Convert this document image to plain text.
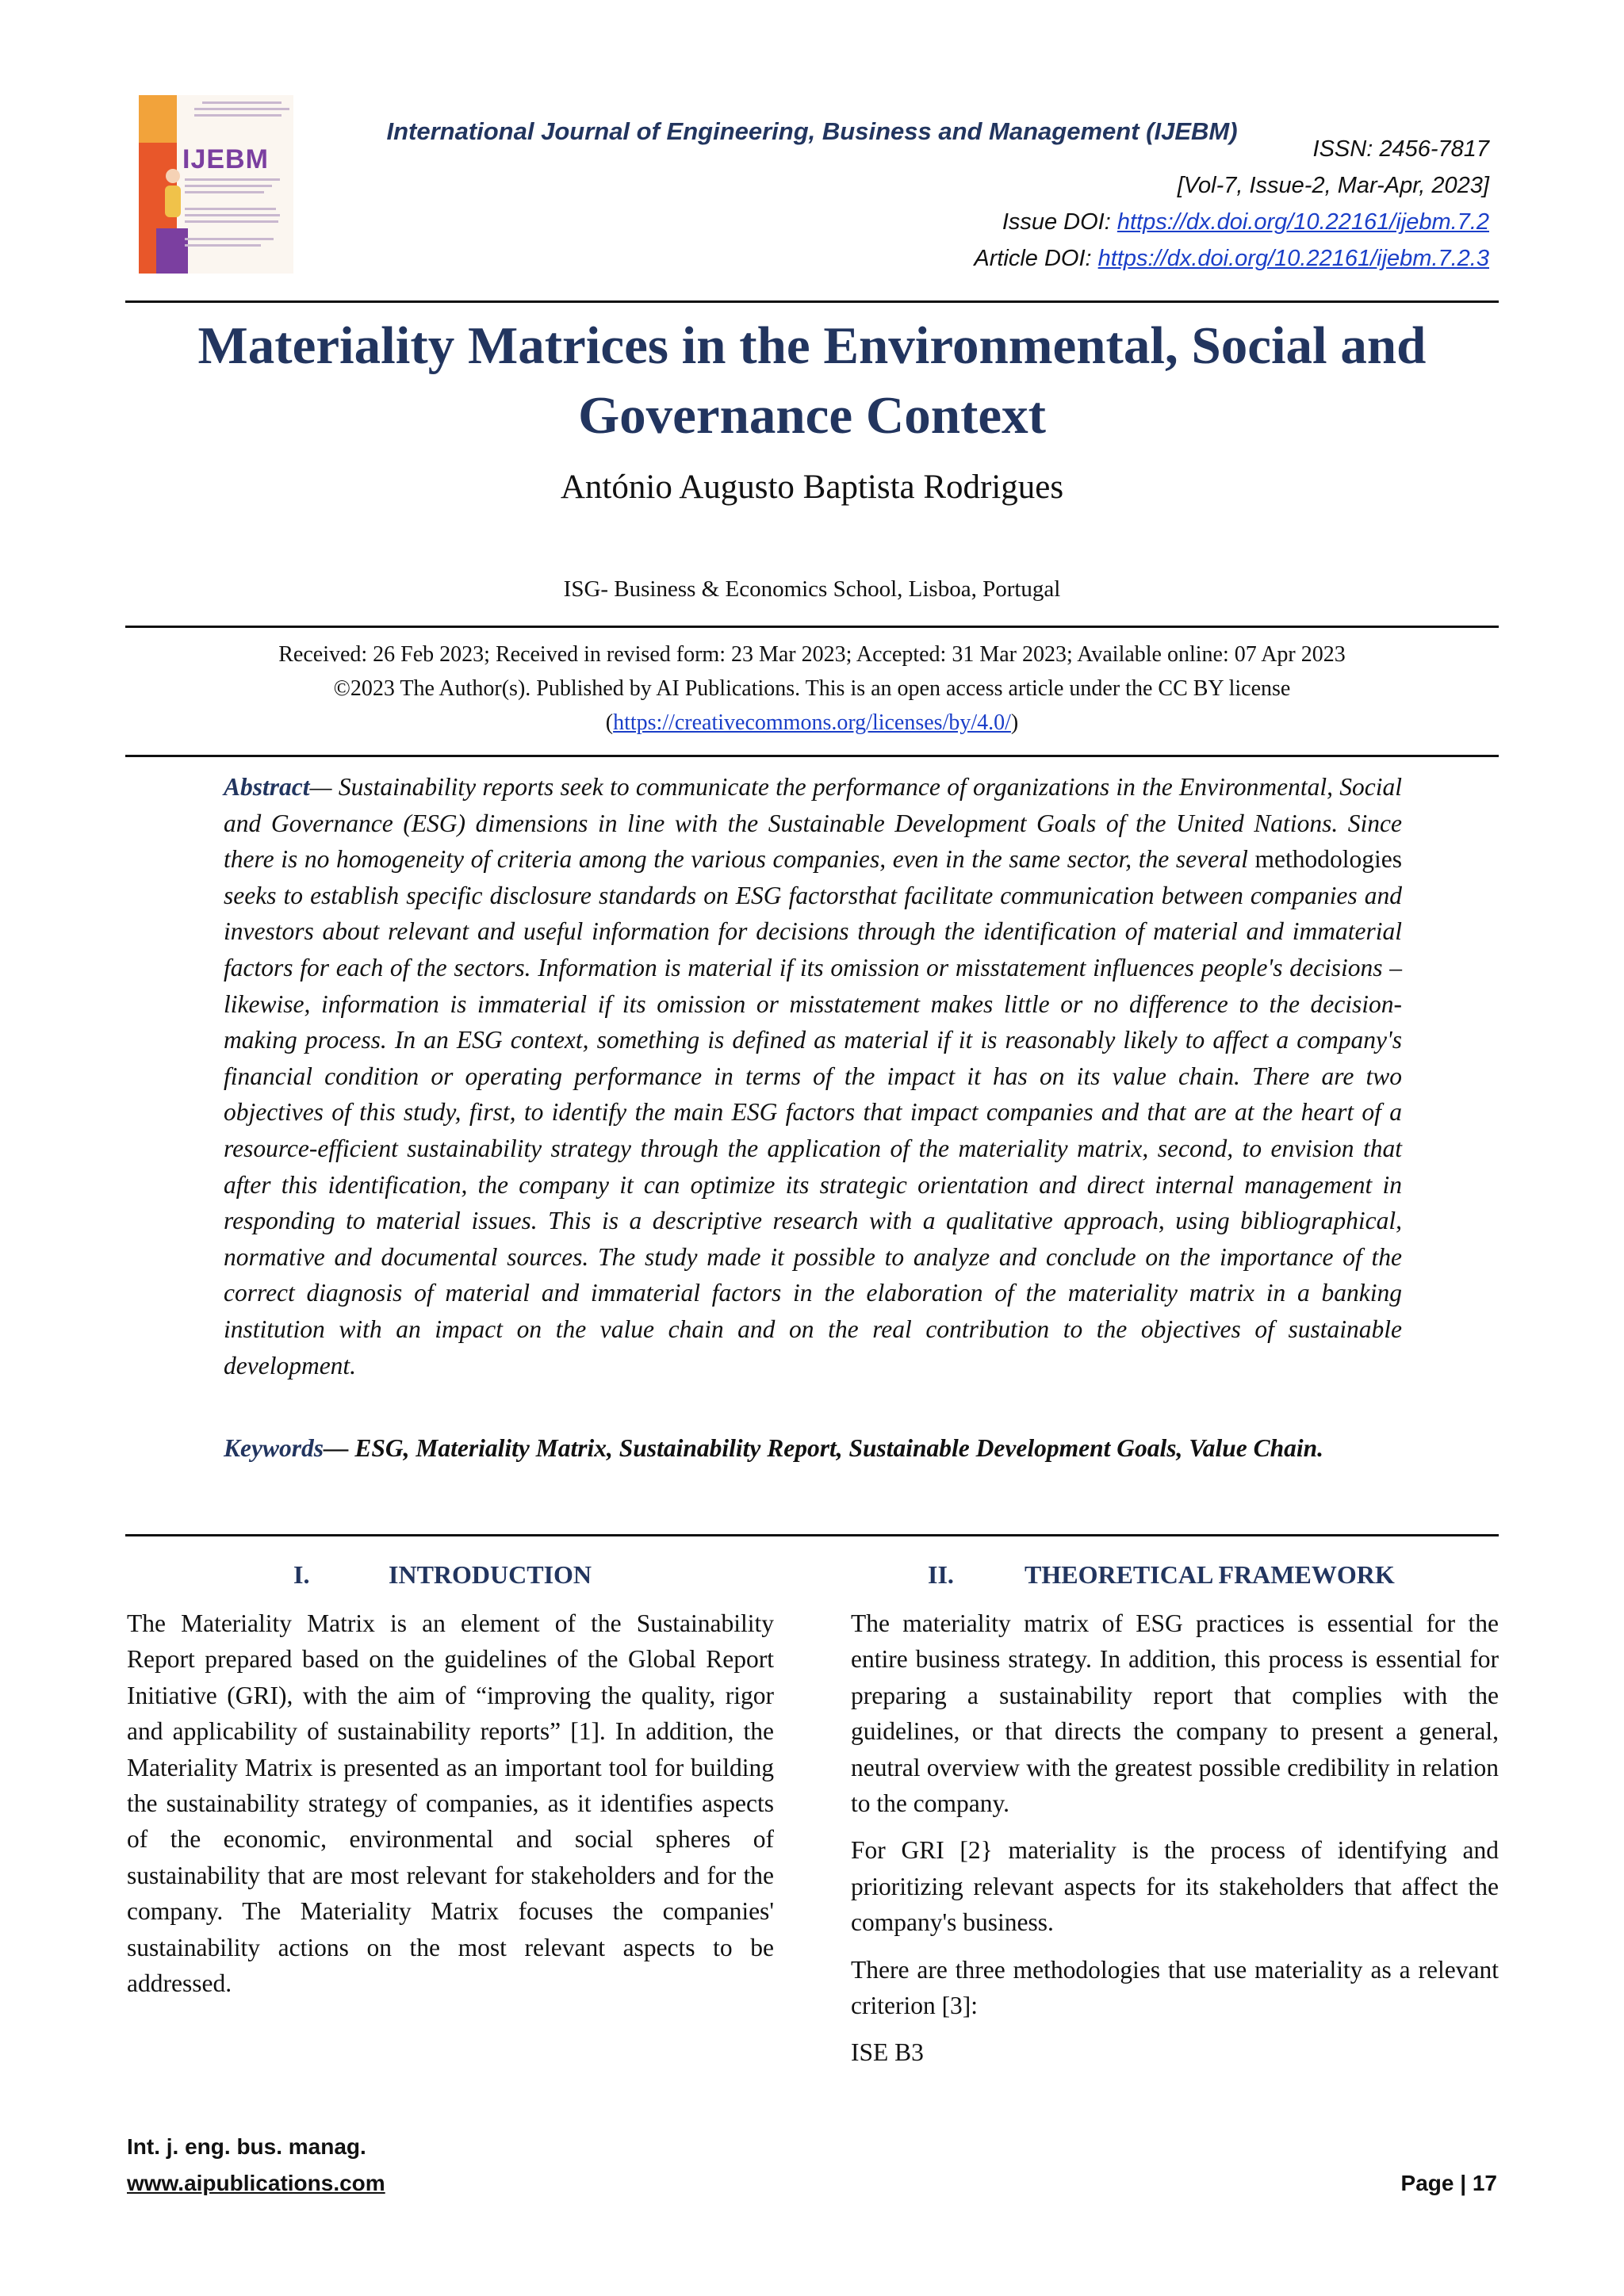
IJEBM
International Journal of Engineering, Business and Management (IJEBM)
ISSN: 2456-7817
[Vol-7, Issue-2, Mar-Apr, 2023]
Issue DOI: https://dx.doi.org/10.22161/ijebm.7.2
Article DOI: https://dx.doi.org/10.22161/ijebm.7.2.3
Materiality Matrices in the Environmental, Social and
Governance Context
António Augusto Baptista Rodrigues
ISG- Business & Economics School, Lisboa, Portugal
Received: 26 Feb 2023; Received in revised form: 23 Mar 2023; Accepted: 31 Mar 2023; Available online: 07 Apr 2023
©2023 The Author(s). Published by AI Publications. This is an open access article under the CC BY license
(https://creativecommons.org/licenses/by/4.0/)
Abstract— Sustainability reports seek to communicate the performance of organizations in the Environmental, Social and Governance (ESG) dimensions in line with the Sustainable Development Goals of the United Nations. Since there is no homogeneity of criteria among the various companies, even in the same sector, the several methodologies seeks to establish specific disclosure standards on ESG factorsthat facilitate communication between companies and investors about relevant and useful information for decisions through the identification of material and immaterial factors for each of the sectors. Information is material if its omission or misstatement influences people's decisions – likewise, information is immaterial if its omission or misstatement makes little or no difference to the decision-making process. In an ESG context, something is defined as material if it is reasonably likely to affect a company's financial condition or operating performance in terms of the impact it has on its value chain. There are two objectives of this study, first, to identify the main ESG factors that impact companies and that are at the heart of a resource-efficient sustainability strategy through the application of the materiality matrix, second, to envision that after this identification, the company it can optimize its strategic orientation and direct internal management in responding to material issues. This is a descriptive research with a qualitative approach, using bibliographical, normative and documental sources. The study made it possible to analyze and conclude on the importance of the correct diagnosis of material and immaterial factors in the elaboration of the materiality matrix in a banking institution with an impact on the value chain and on the real contribution to the objectives of sustainable development.
Keywords— ESG, Materiality Matrix, Sustainability Report, Sustainable Development Goals, Value Chain.
I.	INTRODUCTION

The Materiality Matrix is an element of the Sustainability Report prepared based on the guidelines of the Global Report Initiative (GRI), with the aim of “improving the quality, rigor and applicability of sustainability reports” [1]. In addition, the Materiality Matrix is presented as an important tool for building the sustainability strategy of companies, as it identifies aspects of the economic, environmental and social spheres of sustainability that are most relevant for stakeholders and for the company. The Materiality Matrix focuses the companies' sustainability actions on the most relevant aspects to be addressed.

II.	THEORETICAL FRAMEWORK

The materiality matrix of ESG practices is essential for the entire business strategy. In addition, this process is essential for preparing a sustainability report that complies with the guidelines, or that directs the company to present a general, neutral overview with the greatest possible credibility in relation to the company.

For GRI [2} materiality is the process of identifying and prioritizing relevant aspects for its stakeholders that affect the company's business.

There are three methodologies that use materiality as a relevant criterion [3]:

ISE B3

Int. j. eng. bus. manag.
www.aipublications.com	Page | 17
